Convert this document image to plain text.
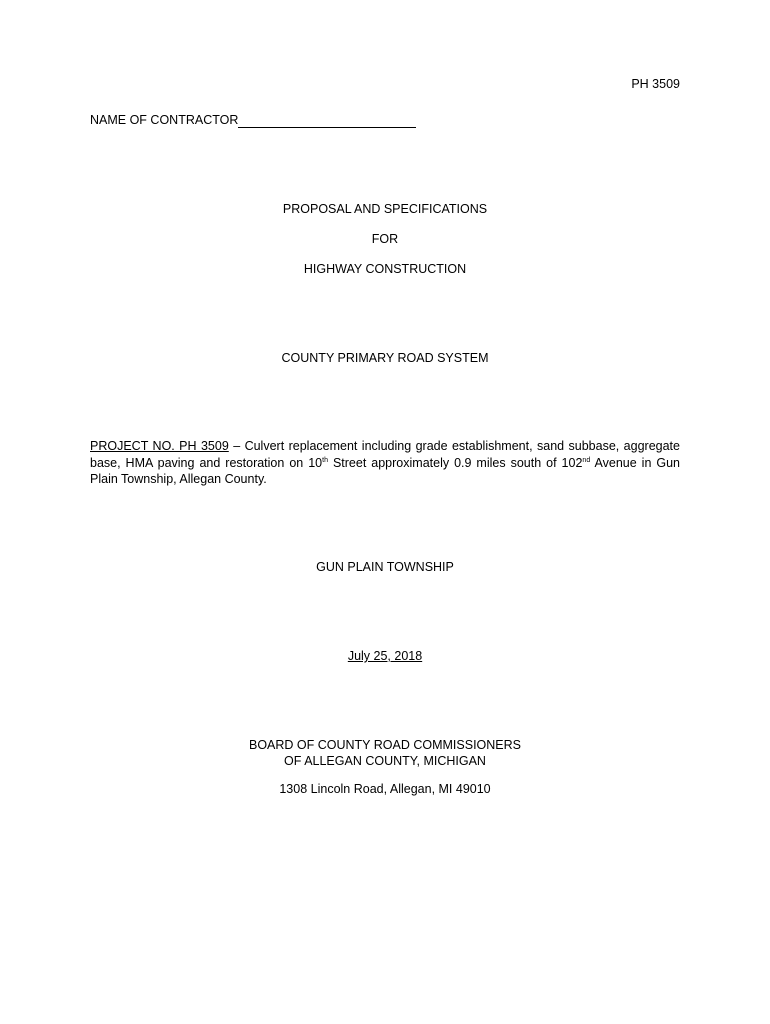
PH 3509
NAME OF CONTRACTOR
PROPOSAL AND SPECIFICATIONS
FOR
HIGHWAY CONSTRUCTION
COUNTY PRIMARY ROAD SYSTEM
PROJECT NO. PH 3509 – Culvert replacement including grade establishment, sand subbase, aggregate base, HMA paving and restoration on 10th Street approximately 0.9 miles south of 102nd Avenue in Gun Plain Township, Allegan County.
GUN PLAIN TOWNSHIP
July 25, 2018
BOARD OF COUNTY ROAD COMMISSIONERS
OF ALLEGAN COUNTY, MICHIGAN
1308 Lincoln Road, Allegan, MI 49010
